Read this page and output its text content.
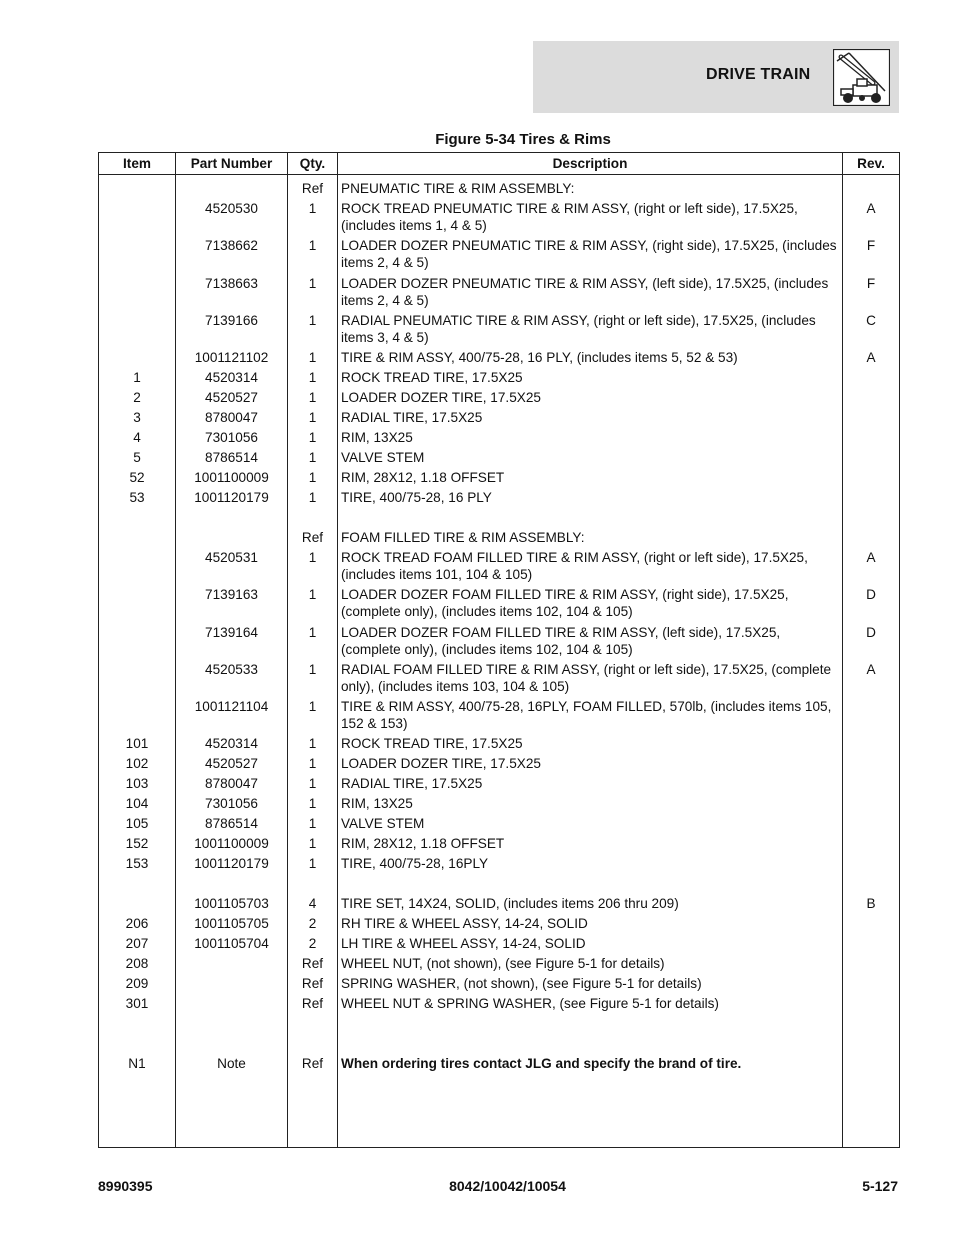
DRIVE TRAIN
Figure 5-34 Tires & Rims
Item	Part Number	Qty.	Description	Rev.

		Ref	PNEUMATIC TIRE & RIM ASSEMBLY:	
	4520530	1	ROCK TREAD PNEUMATIC TIRE & RIM ASSY, (right or left side), 17.5X25, (includes items 1, 4 & 5)	A
	7138662	1	LOADER DOZER PNEUMATIC TIRE & RIM ASSY, (right side), 17.5X25, (includes items 2, 4 & 5)	F
	7138663	1	LOADER DOZER PNEUMATIC TIRE & RIM ASSY, (left side), 17.5X25, (includes items 2, 4 & 5)	F
	7139166	1	RADIAL PNEUMATIC TIRE & RIM ASSY, (right or left side), 17.5X25, (includes items 3, 4 & 5)	C
	1001121102	1	TIRE & RIM ASSY, 400/75-28, 16 PLY, (includes items 5, 52 & 53)	A
1	4520314	1	ROCK TREAD TIRE, 17.5X25	
2	4520527	1	LOADER DOZER TIRE, 17.5X25	
3	8780047	1	RADIAL TIRE, 17.5X25	
4	7301056	1	RIM, 13X25	
5	8786514	1	VALVE STEM	
52	1001100009	1	RIM, 28X12, 1.18 OFFSET	
53	1001120179	1	TIRE, 400/75-28, 16 PLY	

		Ref	FOAM FILLED TIRE & RIM ASSEMBLY:	
	4520531	1	ROCK TREAD FOAM FILLED TIRE & RIM ASSY, (right or left side), 17.5X25, (includes items 101, 104 & 105)	A
	7139163	1	LOADER DOZER FOAM FILLED TIRE & RIM ASSY, (right side), 17.5X25, (complete only), (includes items 102, 104 & 105)	D
	7139164	1	LOADER DOZER FOAM FILLED TIRE & RIM ASSY, (left side), 17.5X25, (complete only), (includes items 102, 104 & 105)	D
	4520533	1	RADIAL FOAM FILLED TIRE & RIM ASSY, (right or left side), 17.5X25, (complete only), (includes items 103, 104 & 105)	A
	1001121104	1	TIRE & RIM ASSY, 400/75-28, 16PLY, FOAM FILLED, 570lb, (includes items 105, 152 & 153)	
101	4520314	1	ROCK TREAD TIRE, 17.5X25	
102	4520527	1	LOADER DOZER TIRE, 17.5X25	
103	8780047	1	RADIAL TIRE, 17.5X25	
104	7301056	1	RIM, 13X25	
105	8786514	1	VALVE STEM	
152	1001100009	1	RIM, 28X12, 1.18 OFFSET	
153	1001120179	1	TIRE, 400/75-28, 16PLY	

	1001105703	4	TIRE SET, 14X24, SOLID, (includes items 206 thru 209)	B
206	1001105705	2	RH TIRE & WHEEL ASSY, 14-24, SOLID	
207	1001105704	2	LH TIRE & WHEEL ASSY, 14-24, SOLID	
208		Ref	WHEEL NUT, (not shown), (see Figure 5-1 for details)	
209		Ref	SPRING WASHER, (not shown), (see Figure 5-1 for details)	
301		Ref	WHEEL NUT & SPRING WASHER, (see Figure 5-1 for details)	

N1	Note	Ref	When ordering tires contact JLG and specify the brand of tire.	
8990395	8042/10042/10054	5-127
